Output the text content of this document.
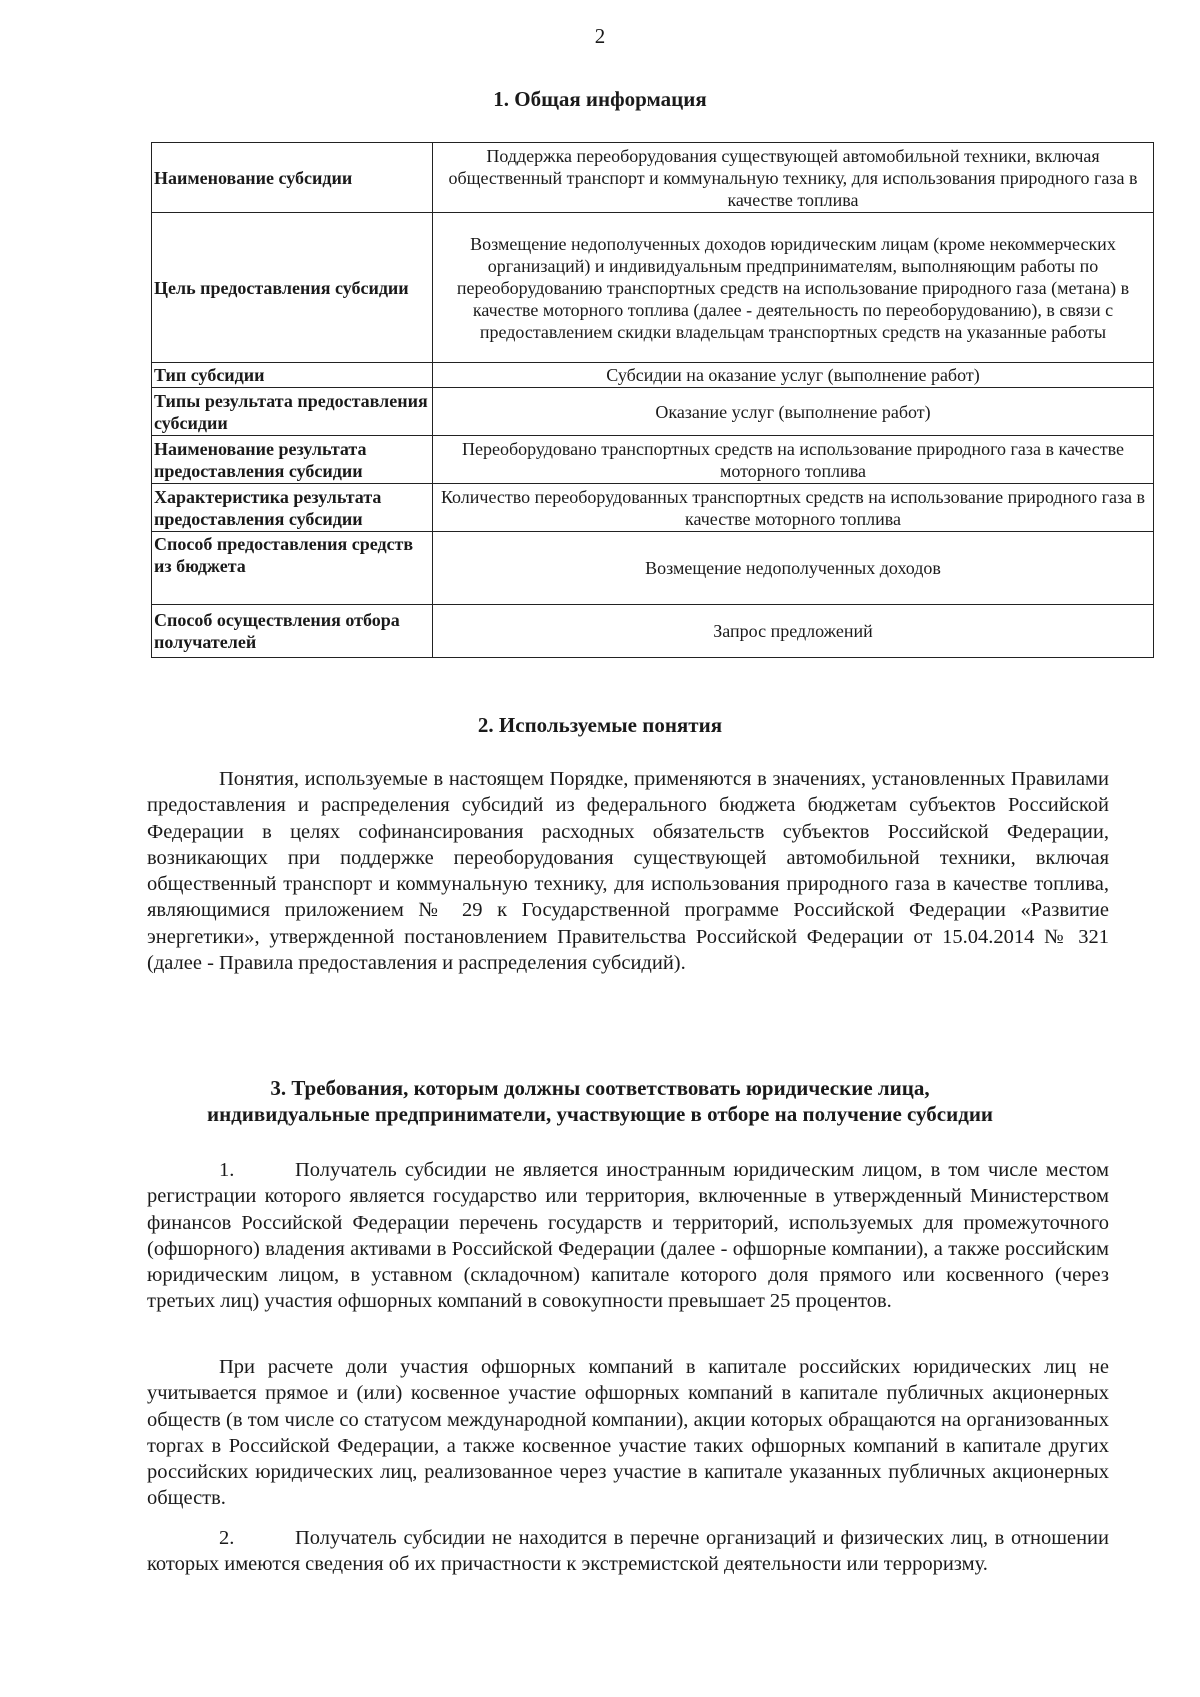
2
1. Общая информация
Наименование субсидии	Поддержка переоборудования существующей автомобильной техники, включая общественный транспорт и коммунальную технику, для использования природного газа в качестве топлива
Цель предоставления субсидии	Возмещение недополученных доходов юридическим лицам (кроме некоммерческих организаций) и индивидуальным предпринимателям, выполняющим работы по переоборудованию транспортных средств на использование природного газа (метана) в качестве моторного топлива (далее - деятельность по переоборудованию), в связи с предоставлением скидки владельцам транспортных средств на указанные работы
Тип субсидии	Субсидии на оказание услуг (выполнение работ)
Типы результата предоставления субсидии	Оказание услуг (выполнение работ)
Наименование результата предоставления субсидии	Переоборудовано транспортных средств на использование природного газа в качестве моторного топлива
Характеристика результата предоставления субсидии	Количество переоборудованных транспортных средств на использование природного газа в качестве моторного топлива
Способ предоставления средств из бюджета	Возмещение недополученных доходов
Способ осуществления отбора получателей	Запрос предложений
2. Используемые понятия

Понятия, используемые в настоящем Порядке, применяются в значениях, установленных Правилами предоставления и распределения субсидий из федерального бюджета бюджетам субъектов Российской Федерации в целях софинансирования расходных обязательств субъектов Российской Федерации, возникающих при поддержке переоборудования существующей автомобильной техники, включая общественный транспорт и коммунальную технику, для использования природного газа в качестве топлива, являющимися приложением № 29 к Государственной программе Российской Федерации «Развитие энергетики», утвержденной постановлением Правительства Российской Федерации от 15.04.2014 № 321 (далее - Правила предоставления и распределения субсидий).

3. Требования, которым должны соответствовать юридические лица,
индивидуальные предприниматели, участвующие в отборе на получение субсидии

1.	Получатель субсидии не является иностранным юридическим лицом, в том числе местом регистрации которого является государство или территория, включенные в утвержденный Министерством финансов Российской Федерации перечень государств и территорий, используемых для промежуточного (офшорного) владения активами в Российской Федерации (далее - офшорные компании), а также российским юридическим лицом, в уставном (складочном) капитале которого доля прямого или косвенного (через третьих лиц) участия офшорных компаний в совокупности превышает 25 процентов.

При расчете доли участия офшорных компаний в капитале российских юридических лиц не учитывается прямое и (или) косвенное участие офшорных компаний в капитале публичных акционерных обществ (в том числе со статусом международной компании), акции которых обращаются на организованных торгах в Российской Федерации, а также косвенное участие таких офшорных компаний в капитале других российских юридических лиц, реализованное через участие в капитале указанных публичных акционерных обществ.

2.	Получатель субсидии не находится в перечне организаций и физических лиц, в отношении которых имеются сведения об их причастности к экстремистской деятельности или терроризму.
